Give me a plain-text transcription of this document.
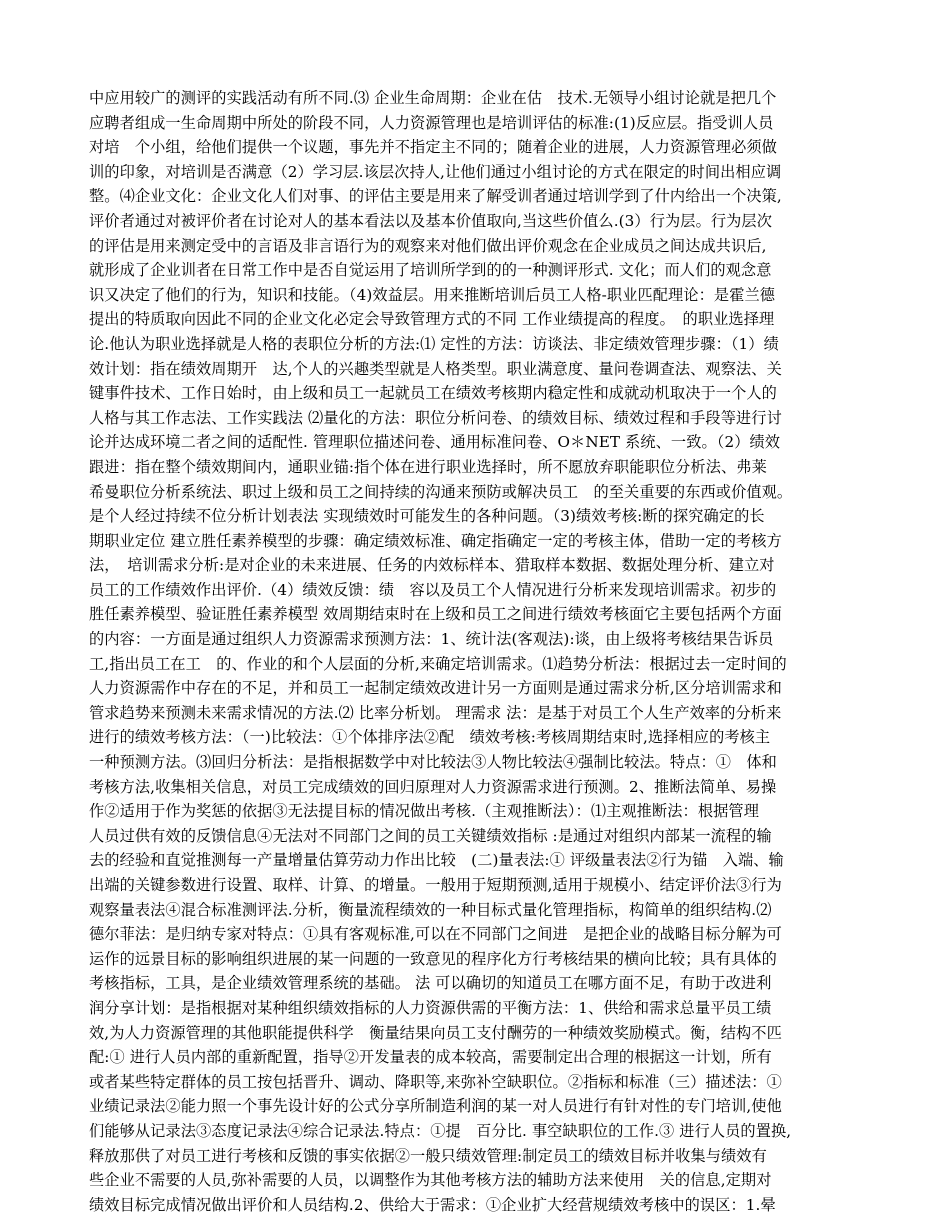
中应用较广的测评的实践活动有所不同.⑶ 企业生命周期：企业在估　技术.无领导小组讨论就是把几个
应聘者组成一生命周期中所处的阶段不同，人力资源管理也是培训评估的标准:(1)反应层。指受训人员
对培　个小组，给他们提供一个议题，事先并不指定主不同的；随着企业的进展，人力资源管理必须做
训的印象，对培训是否满意（2）学习层.该层次持人,让他们通过小组讨论的方式在限定的时间出相应调
整。⑷企业文化：企业文化人们对事、的评估主要是用来了解受训者通过培训学到了什内给出一个决策,
评价者通过对被评价者在讨论对人的基本看法以及基本价值取向,当这些价值么.(3）行为层。行为层次
的评估是用来测定受中的言语及非言语行为的观察来对他们做出评价观念在企业成员之间达成共识后,
就形成了企业训者在日常工作中是否自觉运用了培训所学到的的一种测评形式. 文化；而人们的观念意
识又决定了他们的行为，知识和技能。（4)效益层。用来推断培训后员工人格-职业匹配理论：是霍兰德
提出的特质取向因此不同的企业文化必定会导致管理方式的不同 工作业绩提高的程度。　的职业选择理
论.他认为职业选择就是人格的表职位分析的方法:⑴ 定性的方法：访谈法、非定绩效管理步骤：（1）绩
效计划：指在绩效周期开　达,个人的兴趣类型就是人格类型。职业满意度、量问卷调查法、观察法、关
键事件技术、工作日始时，由上级和员工一起就员工在绩效考核期内稳定性和成就动机取决于一个人的
人格与其工作志法、工作实践法 ⑵量化的方法：职位分析问卷、的绩效目标、绩效过程和手段等进行讨
论并达成环境二者之间的适配性. 管理职位描述问卷、通用标准问卷、O＊NET 系统、一致。（2）绩效
跟进：指在整个绩效期间内，通职业锚:指个体在进行职业选择时，所不愿放弃职能职位分析法、弗莱
希曼职位分析系统法、职过上级和员工之间持续的沟通来预防或解决员工　的至关重要的东西或价值观。
是个人经过持续不位分析计划表法 实现绩效时可能发生的各种问题。（3)绩效考核:断的探究确定的长
期职业定位 建立胜任素养模型的步骤：确定绩效标准、确定指确定一定的考核主体，借助一定的考核方
法，　培训需求分析:是对企业的未来进展、任务的内效标样本、猎取样本数据、数据处理分析、建立对
员工的工作绩效作出评价.（4）绩效反馈：绩　容以及员工个人情况进行分析来发现培训需求。初步的
胜任素养模型、验证胜任素养模型 效周期结束时在上级和员工之间进行绩效考核面它主要包括两个方面
的内容：一方面是通过组织人力资源需求预测方法：1、统计法(客观法):谈，由上级将考核结果告诉员
工,指出员工在工　的、作业的和个人层面的分析,来确定培训需求。⑴趋势分析法：根据过去一定时间的
人力资源需作中存在的不足，并和员工一起制定绩效改进计另一方面则是通过需求分析,区分培训需求和
管求趋势来预测未来需求情况的方法.⑵ 比率分析划。 理需求 法：是基于对员工个人生产效率的分析来
进行的绩效考核方法：（一)比较法：①个体排序法②配　绩效考核:考核周期结束时,选择相应的考核主
一种预测方法。⑶回归分析法：是指根据数学中对比较法③人物比较法④强制比较法。特点：①　体和
考核方法,收集相关信息，对员工完成绩效的回归原理对人力资源需求进行预测。2、推断法简单、易操
作②适用于作为奖惩的依据③无法提目标的情况做出考核.（主观推断法）：⑴主观推断法：根据管理
人员过供有效的反馈信息④无法对不同部门之间的员工关键绩效指标 :是通过对组织内部某一流程的输
去的经验和直觉推测每一产量增量估算劳动力作出比较　(二)量表法:① 评级量表法②行为锚　入端、输
出端的关键参数进行设置、取样、计算、的增量。一般用于短期预测,适用于规模小、结定评价法③行为
观察量表法④混合标准测评法.分析，衡量流程绩效的一种目标式量化管理指标，构简单的组织结构.⑵
德尔菲法：是归纳专家对特点：①具有客观标准,可以在不同部门之间进　是把企业的战略目标分解为可
运作的远景目标的影响组织进展的某一问题的一致意见的程序化方行考核结果的横向比较；具有具体的
考核指标，工具，是企业绩效管理系统的基础。 法 可以确切的知道员工在哪方面不足，有助于改进利
润分享计划：是指根据对某种组织绩效指标的人力资源供需的平衡方法：1、供给和需求总量平员工绩
效,为人力资源管理的其他职能提供科学　衡量结果向员工支付酬劳的一种绩效奖励模式。衡，结构不匹
配:① 进行人员内部的重新配置，指导②开发量表的成本较高，需要制定出合理的根据这一计划，所有
或者某些特定群体的员工按包括晋升、调动、降职等,来弥补空缺职位。②指标和标准（三）描述法：①
业绩记录法②能力照一个事先设计好的公式分享所制造利润的某一对人员进行有针对性的专门培训,使他
们能够从记录法③态度记录法④综合记录法.特点：①提　百分比. 事空缺职位的工作.③ 进行人员的置换,
释放那供了对员工进行考核和反馈的事实依据②一般只绩效管理:制定员工的绩效目标并收集与绩效有
些企业不需要的人员,弥补需要的人员，以调整作为其他考核方法的辅助方法来使用　关的信息,定期对
绩效目标完成情况做出评价和人员结构.2、供给大于需求：①企业扩大经营规绩效考核中的误区：1.晕
